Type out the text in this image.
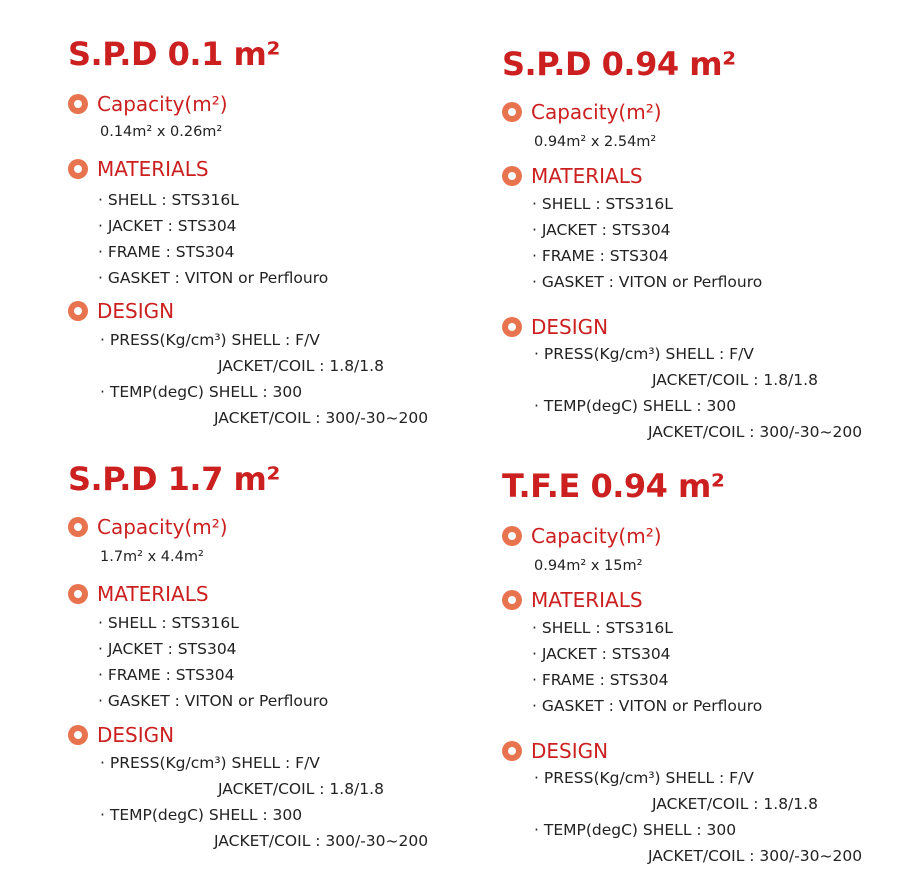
S.P.D 0.1 m²
Capacity(m²)
0.14m² x 0.26m²
MATERIALS
· SHELL : STS316L
· JACKET : STS304
· FRAME : STS304
· GASKET : VITON or Perflouro
DESIGN
· PRESS(Kg/cm³) SHELL : F/V
JACKET/COIL : 1.8/1.8
· TEMP(degC) SHELL : 300
JACKET/COIL : 300/-30~200
S.P.D 0.94 m²
Capacity(m²)
0.94m² x 2.54m²
MATERIALS
· SHELL : STS316L
· JACKET : STS304
· FRAME : STS304
· GASKET : VITON or Perflouro
DESIGN
· PRESS(Kg/cm³) SHELL : F/V
JACKET/COIL : 1.8/1.8
· TEMP(degC) SHELL : 300
JACKET/COIL : 300/-30~200
S.P.D 1.7 m²
Capacity(m²)
1.7m² x 4.4m²
MATERIALS
· SHELL : STS316L
· JACKET : STS304
· FRAME : STS304
· GASKET : VITON or Perflouro
DESIGN
· PRESS(Kg/cm³) SHELL : F/V
JACKET/COIL : 1.8/1.8
· TEMP(degC) SHELL : 300
JACKET/COIL : 300/-30~200
T.F.E 0.94 m²
Capacity(m²)
0.94m² x 15m²
MATERIALS
· SHELL : STS316L
· JACKET : STS304
· FRAME : STS304
· GASKET : VITON or Perflouro
DESIGN
· PRESS(Kg/cm³) SHELL : F/V
JACKET/COIL : 1.8/1.8
· TEMP(degC) SHELL : 300
JACKET/COIL : 300/-30~200
